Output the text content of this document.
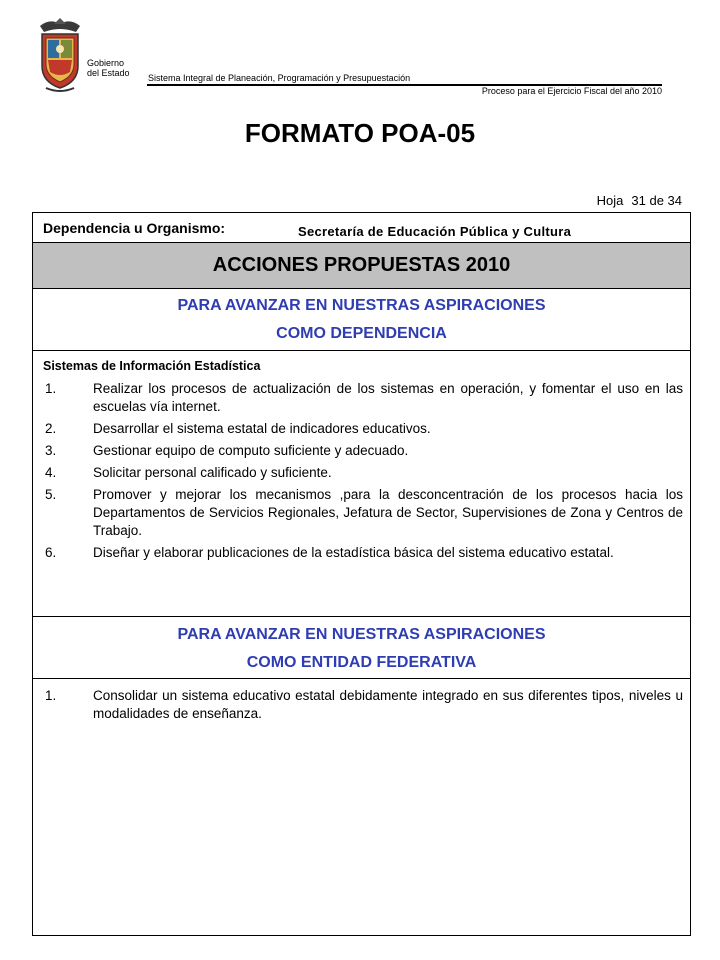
Gobierno
del Estado Sistema Integral de Planeación, Programación y Presupuestación
Proceso para el Ejercicio Fiscal del año 2010
FORMATO POA-05
Hoja 31 de 34
Dependencia u Organismo:	Secretaría de Educación Pública y Cultura
ACCIONES PROPUESTAS 2010
PARA AVANZAR EN NUESTRAS ASPIRACIONES
COMO DEPENDENCIA
Sistemas de Información Estadística
1.	Realizar los procesos de actualización de los sistemas en operación, y fomentar el uso en las escuelas vía internet.
2.	Desarrollar el sistema estatal de indicadores educativos.
3.	Gestionar equipo de computo suficiente y adecuado.
4.	Solicitar personal calificado y suficiente.
5.	Promover y mejorar los mecanismos ,para la desconcentración de los procesos hacia los Departamentos de Servicios Regionales, Jefatura de Sector, Supervisiones de Zona y Centros de Trabajo.
6.	Diseñar y elaborar publicaciones de la estadística básica del sistema educativo estatal.
PARA AVANZAR EN NUESTRAS ASPIRACIONES
COMO ENTIDAD FEDERATIVA
1.	Consolidar un sistema educativo estatal debidamente integrado en sus diferentes tipos, niveles u modalidades de enseñanza.
